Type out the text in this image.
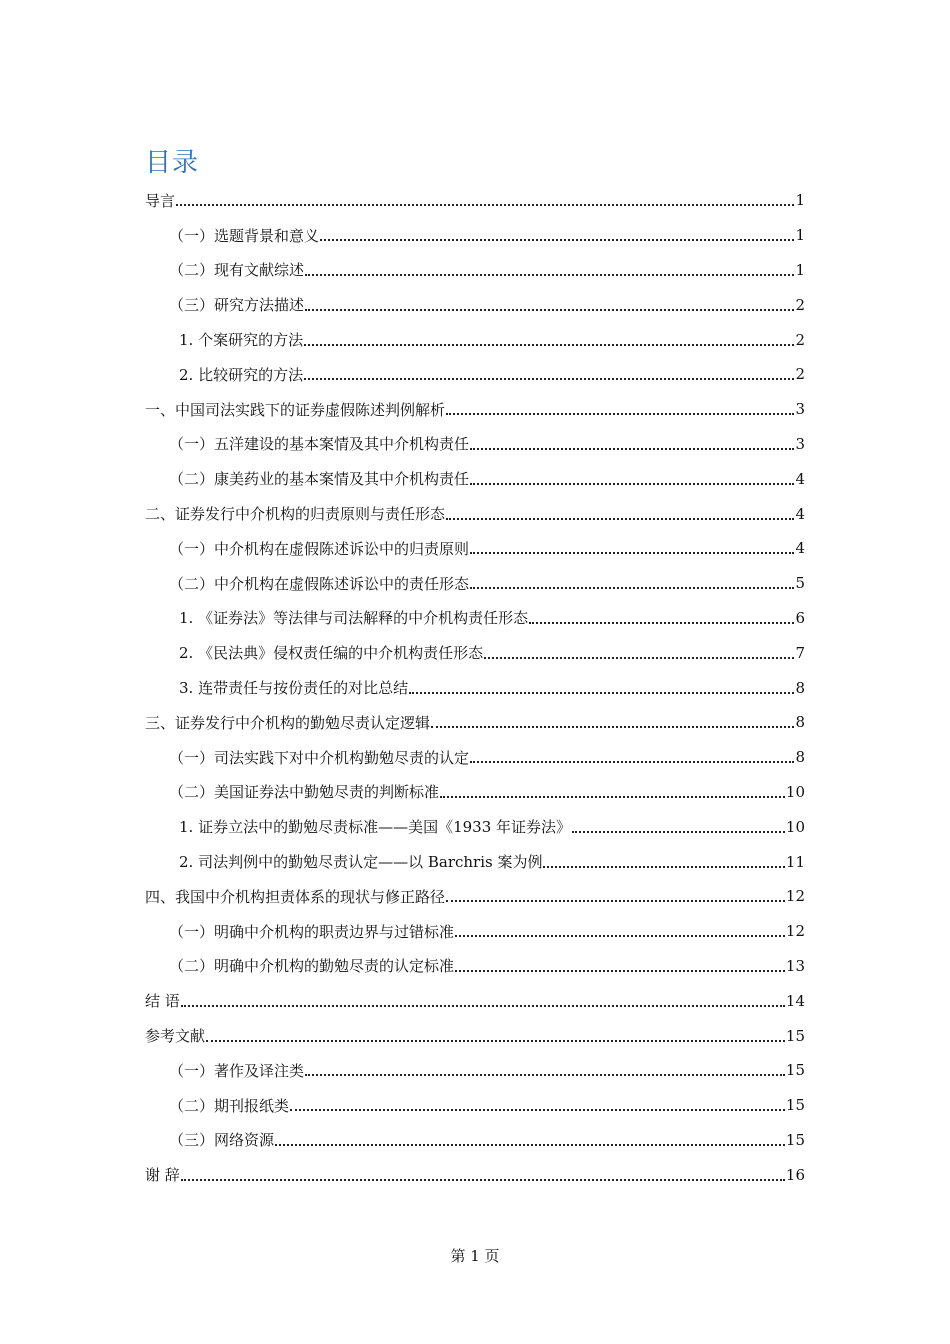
目录
导言	1
（一）选题背景和意义	1
（二）现有文献综述	1
（三）研究方法描述	2
1. 个案研究的方法	2
2. 比较研究的方法	2
一、中国司法实践下的证券虚假陈述判例解析	3
（一）五洋建设的基本案情及其中介机构责任	3
（二）康美药业的基本案情及其中介机构责任	4
二、证券发行中介机构的归责原则与责任形态	4
（一）中介机构在虚假陈述诉讼中的归责原则	4
（二）中介机构在虚假陈述诉讼中的责任形态	5
1. 《证券法》等法律与司法解释的中介机构责任形态	6
2. 《民法典》侵权责任编的中介机构责任形态	7
3. 连带责任与按份责任的对比总结	8
三、证券发行中介机构的勤勉尽责认定逻辑	8
（一）司法实践下对中介机构勤勉尽责的认定	8
（二）美国证券法中勤勉尽责的判断标准	10
1. 证券立法中的勤勉尽责标准——美国《1933 年证券法》	10
2. 司法判例中的勤勉尽责认定——以 Barchris 案为例	11
四、我国中介机构担责体系的现状与修正路径	12
（一）明确中介机构的职责边界与过错标准	12
（二）明确中介机构的勤勉尽责的认定标准	13
结 语	14
参考文献	15
（一）著作及译注类	15
（二）期刊报纸类	15
（三）网络资源	15
谢 辞	16
第 1 页
